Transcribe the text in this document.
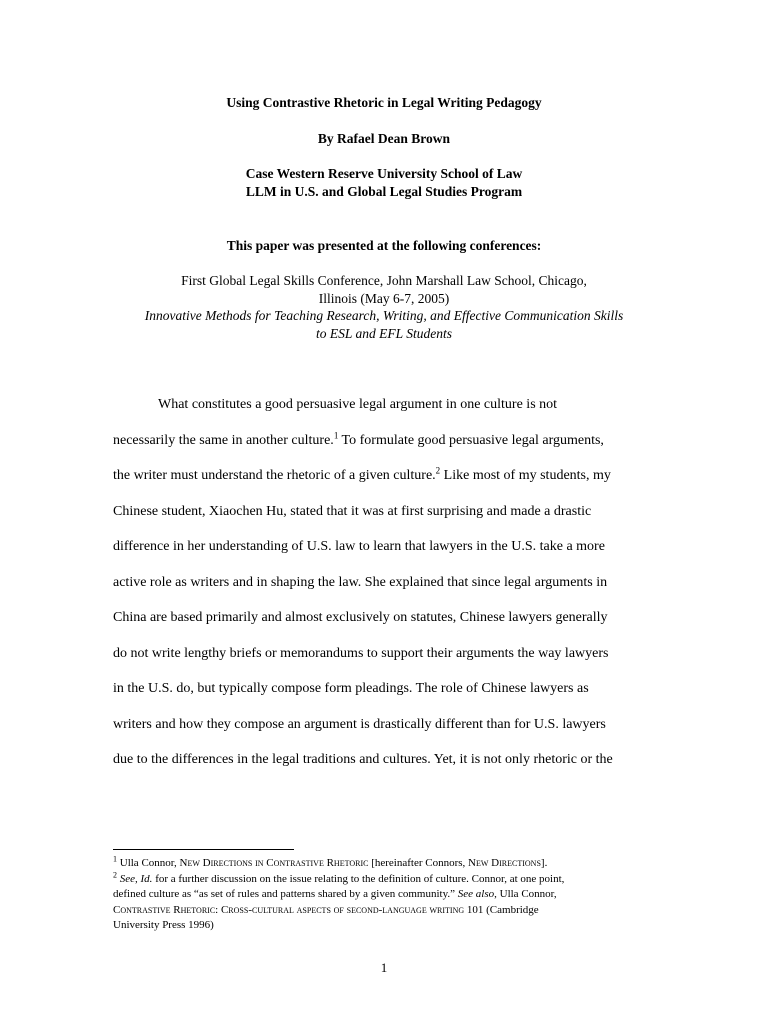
Using Contrastive Rhetoric in Legal Writing Pedagogy
By Rafael Dean Brown
Case Western Reserve University School of Law
LLM in U.S. and Global Legal Studies Program
This paper was presented at the following conferences:
First Global Legal Skills Conference, John Marshall Law School, Chicago,
Illinois (May 6-7, 2005)
Innovative Methods for Teaching Research, Writing, and Effective Communication Skills
to ESL and EFL Students

What constitutes a good persuasive legal argument in one culture is not

necessarily the same in another culture.$^1$ To formulate good persuasive legal arguments,
the writer must understand the rhetoric of a given culture.$^2$ Like most of my students, my
Chinese student, Xiaochen Hu, stated that it was at first surprising and made a drastic
difference in her understanding of U.S. law to learn that lawyers in the U.S. take a more
active role as writers and in shaping the law. She explained that since legal arguments in
China are based primarily and almost exclusively on statutes, Chinese lawyers generally
do not write lengthy briefs or memorandums to support their arguments the way lawyers
in the U.S. do, but typically compose form pleadings. The role of Chinese lawyers as
writers and how they compose an argument is drastically different than for U.S. lawyers
due to the differences in the legal traditions and cultures. Yet, it is not only rhetoric or the
$^1$ Ulla Connor, New Directions in Contrastive Rhetoric [hereinafter Connors, New Directions].
$^2$ See, Id. for a further discussion on the issue relating to the definition of culture. Connor, at one point,
defined culture as “as set of rules and patterns shared by a given community.” See also, Ulla Connor,
Contrastive Rhetoric: Cross-cultural aspects of second-language writing 101 (Cambridge
University Press 1996)
1
